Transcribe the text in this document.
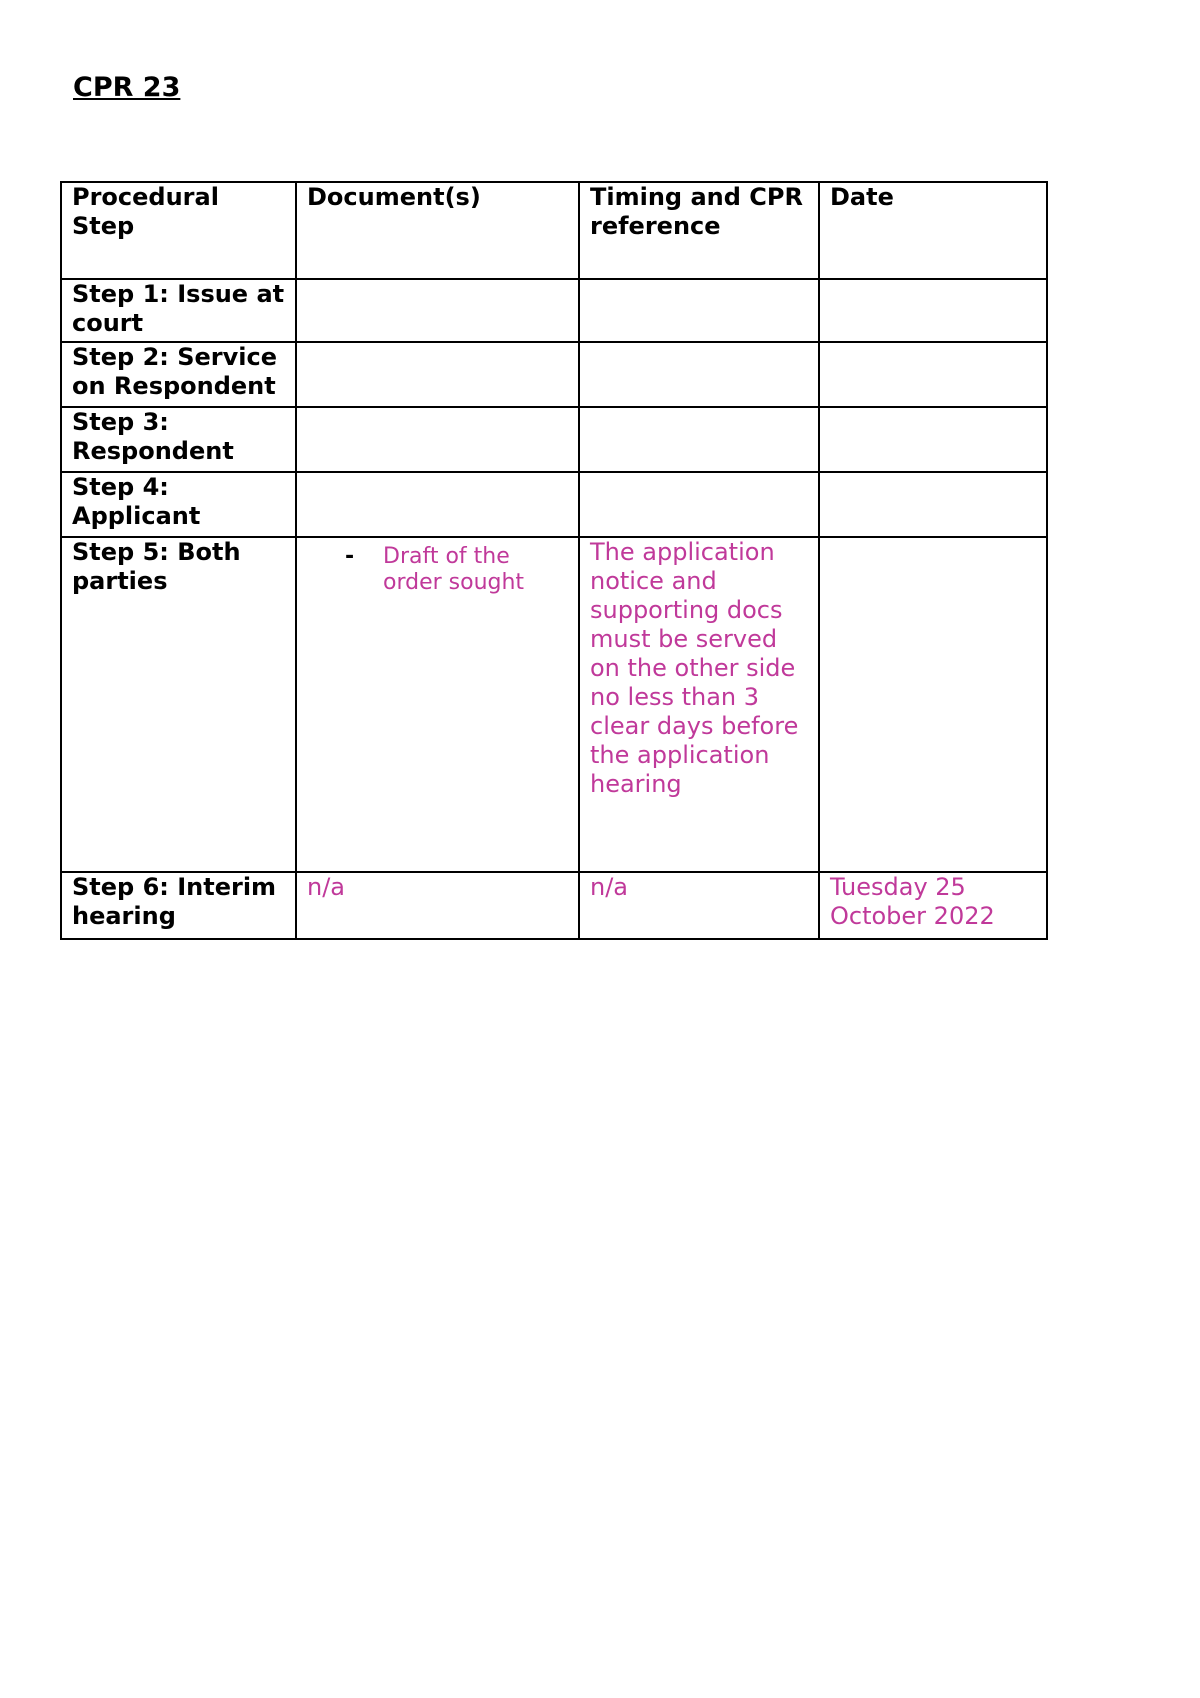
CPR 23
Procedural Step	Document(s)	Timing and CPR reference	Date
Step 1: Issue at court			
Step 2: Service on Respondent			
Step 3: Respondent			
Step 4: Applicant			
Step 5: Both parties	- Draft of the order sought	The application notice and supporting docs must be served on the other side no less than 3 clear days before the application hearing	
Step 6: Interim hearing	n/a	n/a	Tuesday 25 October 2022
